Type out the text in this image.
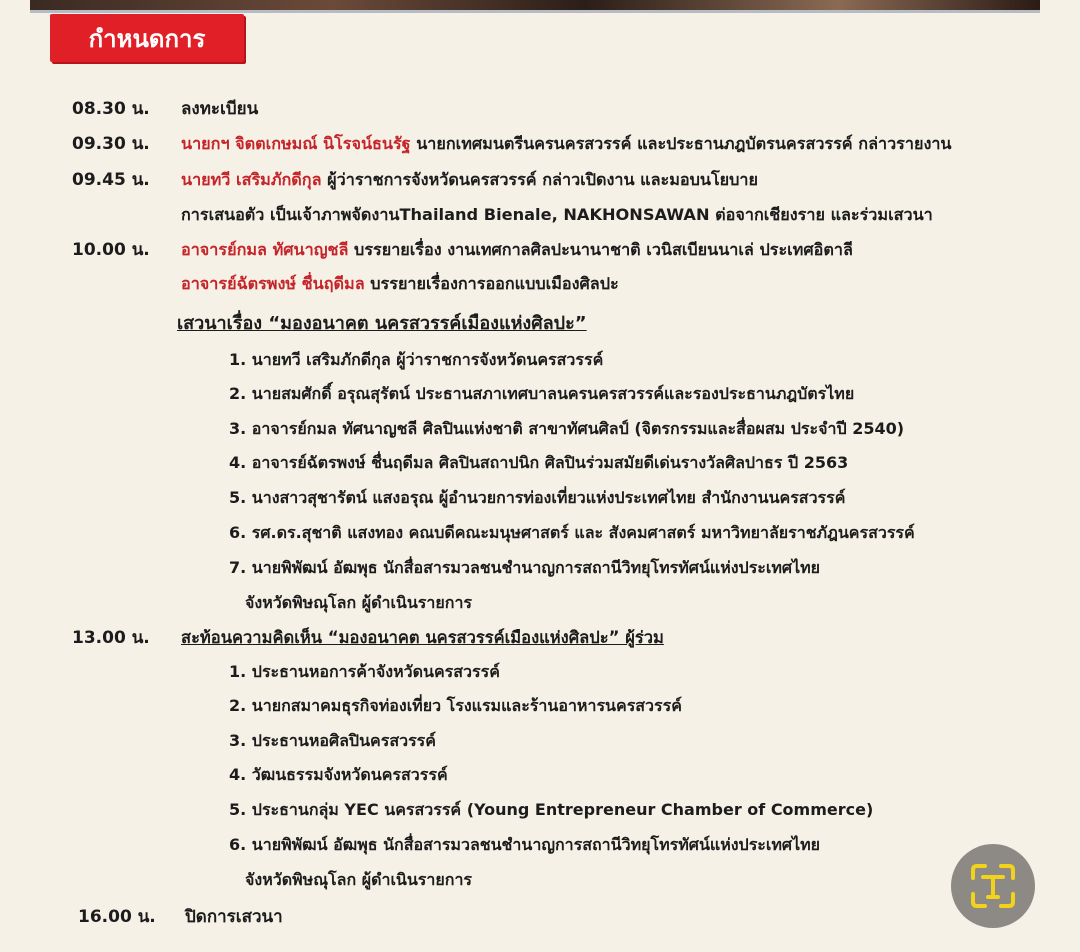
กำหนดการ
08.30 น. ลงทะเบียน
09.30 น. นายกฯ จิตตเกษมณ์ นิโรจน์ธนรัฐ นายกเทศมนตรีนครนครสวรรค์ และประธานภฎบัตรนครสวรรค์ กล่าวรายงาน
09.45 น. นายทวี เสริมภักดีกุล ผู้ว่าราชการจังหวัดนครสวรรค์ กล่าวเปิดงาน และมอบนโยบาย
การเสนอตัว เป็นเจ้าภาพจัดงานThailand Bienale, NAKHONSAWAN ต่อจากเชียงราย และร่วมเสวนา
10.00 น. อาจารย์กมล ทัศนาญชลี บรรยายเรื่อง งานเทศกาลศิลปะนานาชาติ เวนิสเบียนนาเล่ ประเทศอิตาลี
อาจารย์ฉัตรพงษ์ ชื่นฤดีมล บรรยายเรื่องการออกแบบเมืองศิลปะ
เสวนาเรื่อง “มองอนาคต นครสวรรค์เมืองแห่งศิลปะ”
1. นายทวี เสริมภักดีกุล ผู้ว่าราชการจังหวัดนครสวรรค์
2. นายสมศักดิ์ อรุณสุรัตน์ ประธานสภาเทศบาลนครนครสวรรค์และรองประธานภฎบัตรไทย
3. อาจารย์กมล ทัศนาญชลี ศิลปินแห่งชาติ สาขาทัศนศิลป์ (จิตรกรรมและสื่อผสม ประจำปี 2540)
4. อาจารย์ฉัตรพงษ์ ชื่นฤดีมล ศิลปินสถาปนิก ศิลปินร่วมสมัยดีเด่นรางวัลศิลปาธร ปี 2563
5. นางสาวสุชารัตน์ แสงอรุณ ผู้อำนวยการท่องเที่ยวแห่งประเทศไทย สำนักงานนครสวรรค์
6. รศ.ดร.สุชาติ แสงทอง คณบดีคณะมนุษศาสตร์ และ สังคมศาสตร์ มหาวิทยาลัยราชภัฎนครสวรรค์
7. นายพิพัฒน์ อัฒพุธ นักสื่อสารมวลชนชำนาญการสถานีวิทยุโทรทัศน์แห่งประเทศไทย
จังหวัดพิษณุโลก ผู้ดำเนินรายการ
13.00 น. สะท้อนความคิดเห็น “มองอนาคต นครสวรรค์เมืองแห่งศิลปะ” ผู้ร่วม
1. ประธานหอการค้าจังหวัดนครสวรรค์
2. นายกสมาคมธุรกิจท่องเที่ยว โรงแรมและร้านอาหารนครสวรรค์
3. ประธานหอศิลปินครสวรรค์
4. วัฒนธรรมจังหวัดนครสวรรค์
5. ประธานกลุ่ม YEC นครสวรรค์ (Young Entrepreneur Chamber of Commerce)
6. นายพิพัฒน์ อัฒพุธ นักสื่อสารมวลชนชำนาญการสถานีวิทยุโทรทัศน์แห่งประเทศไทย
จังหวัดพิษณุโลก ผู้ดำเนินรายการ
16.00 น. ปิดการเสวนา
